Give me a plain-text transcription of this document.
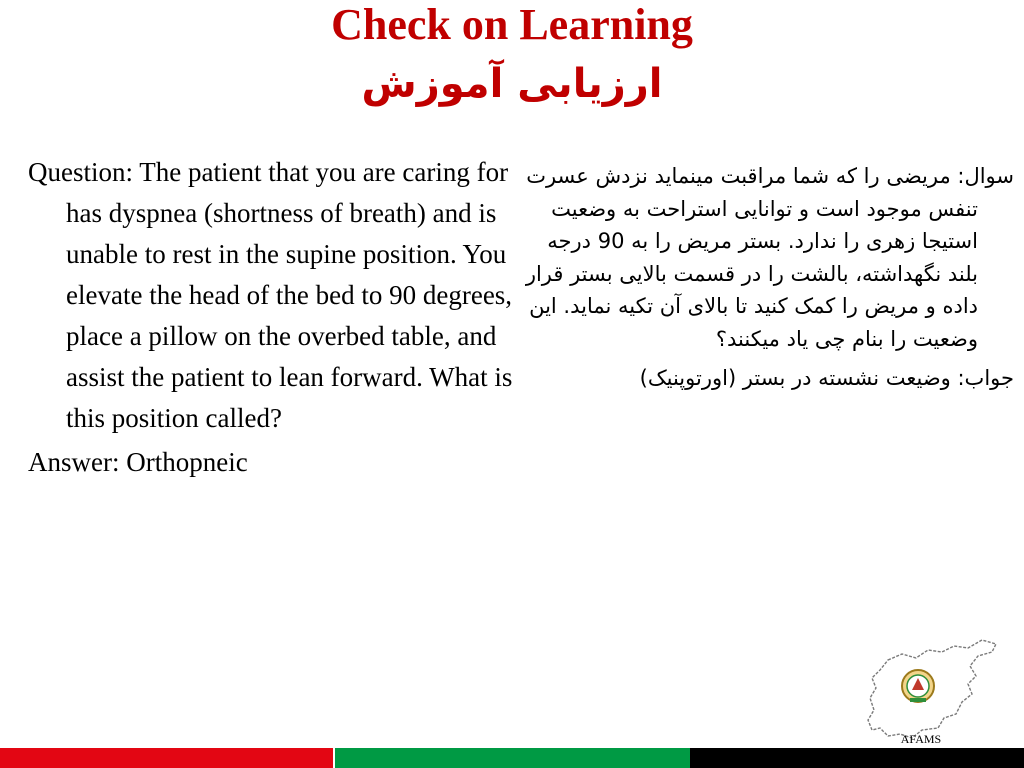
Check on Learning
ارزیابی آموزش

Question: The patient that you are caring for has dyspnea (shortness of breath) and is unable to rest in the supine position. You elevate the head of the bed to 90 degrees, place a pillow on the overbed table, and assist the patient to lean forward. What is this position called?

Answer: Orthopneic

سوال: مریضی را که شما مراقبت مینماید نزدش عسرت تنفس موجود است و توانایی استراحت به وضعیت استیجا زهری را ندارد. بستر مریض را به 90 درجه بلند نگهداشته، بالشت را در قسمت بالایی بستر قرار داده و مریض را کمک کنید تا بالای آن تکیه نماید. این وضعیت را بنام چی یاد میکنند؟

جواب: وضیعت نشسته در بستر (اورتوپنیک)

AFAMS
